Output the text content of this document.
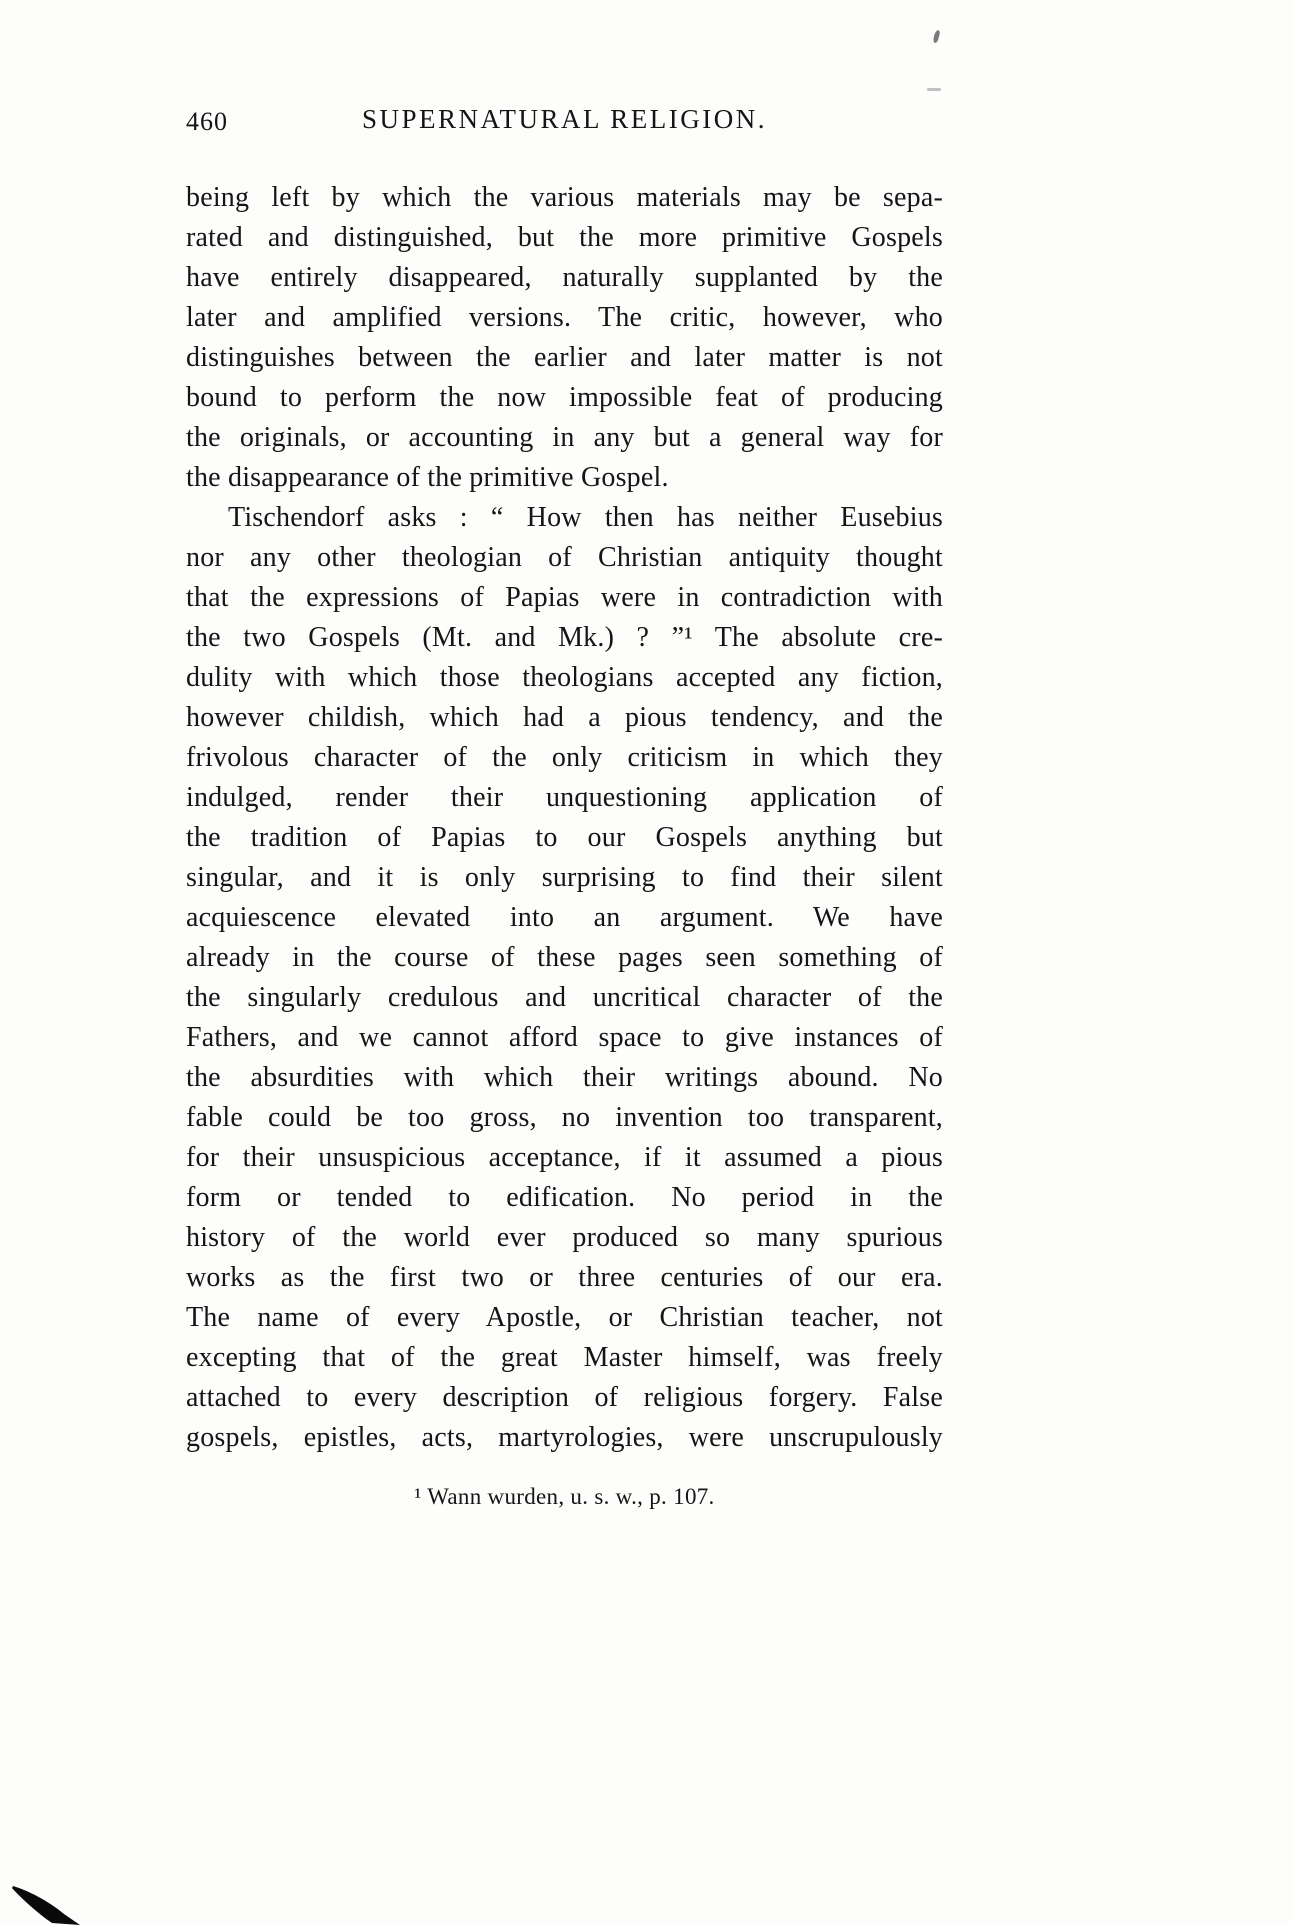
460	SUPERNATURAL RELIGION.
being left by which the various materials may be sepa-
rated and distinguished, but the more primitive Gospels
have entirely disappeared, naturally supplanted by the
later and amplified versions. The critic, however, who
distinguishes between the earlier and later matter is not
bound to perform the now impossible feat of producing
the originals, or accounting in any but a general way for
the disappearance of the primitive Gospel.
Tischendorf asks : “ How then has neither Eusebius
nor any other theologian of Christian antiquity thought
that the expressions of Papias were in contradiction with
the two Gospels (Mt. and Mk.) ? ”¹ The absolute cre-
dulity with which those theologians accepted any fiction,
however childish, which had a pious tendency, and the
frivolous character of the only criticism in which they
indulged, render their unquestioning application of
the tradition of Papias to our Gospels anything but
singular, and it is only surprising to find their silent
acquiescence elevated into an argument. We have
already in the course of these pages seen something of
the singularly credulous and uncritical character of the
Fathers, and we cannot afford space to give instances of
the absurdities with which their writings abound. No
fable could be too gross, no invention too transparent,
for their unsuspicious acceptance, if it assumed a pious
form or tended to edification. No period in the
history of the world ever produced so many spurious
works as the first two or three centuries of our era.
The name of every Apostle, or Christian teacher, not
excepting that of the great Master himself, was freely
attached to every description of religious forgery. False
gospels, epistles, acts, martyrologies, were unscrupulously
¹ Wann wurden, u. s. w., p. 107.
